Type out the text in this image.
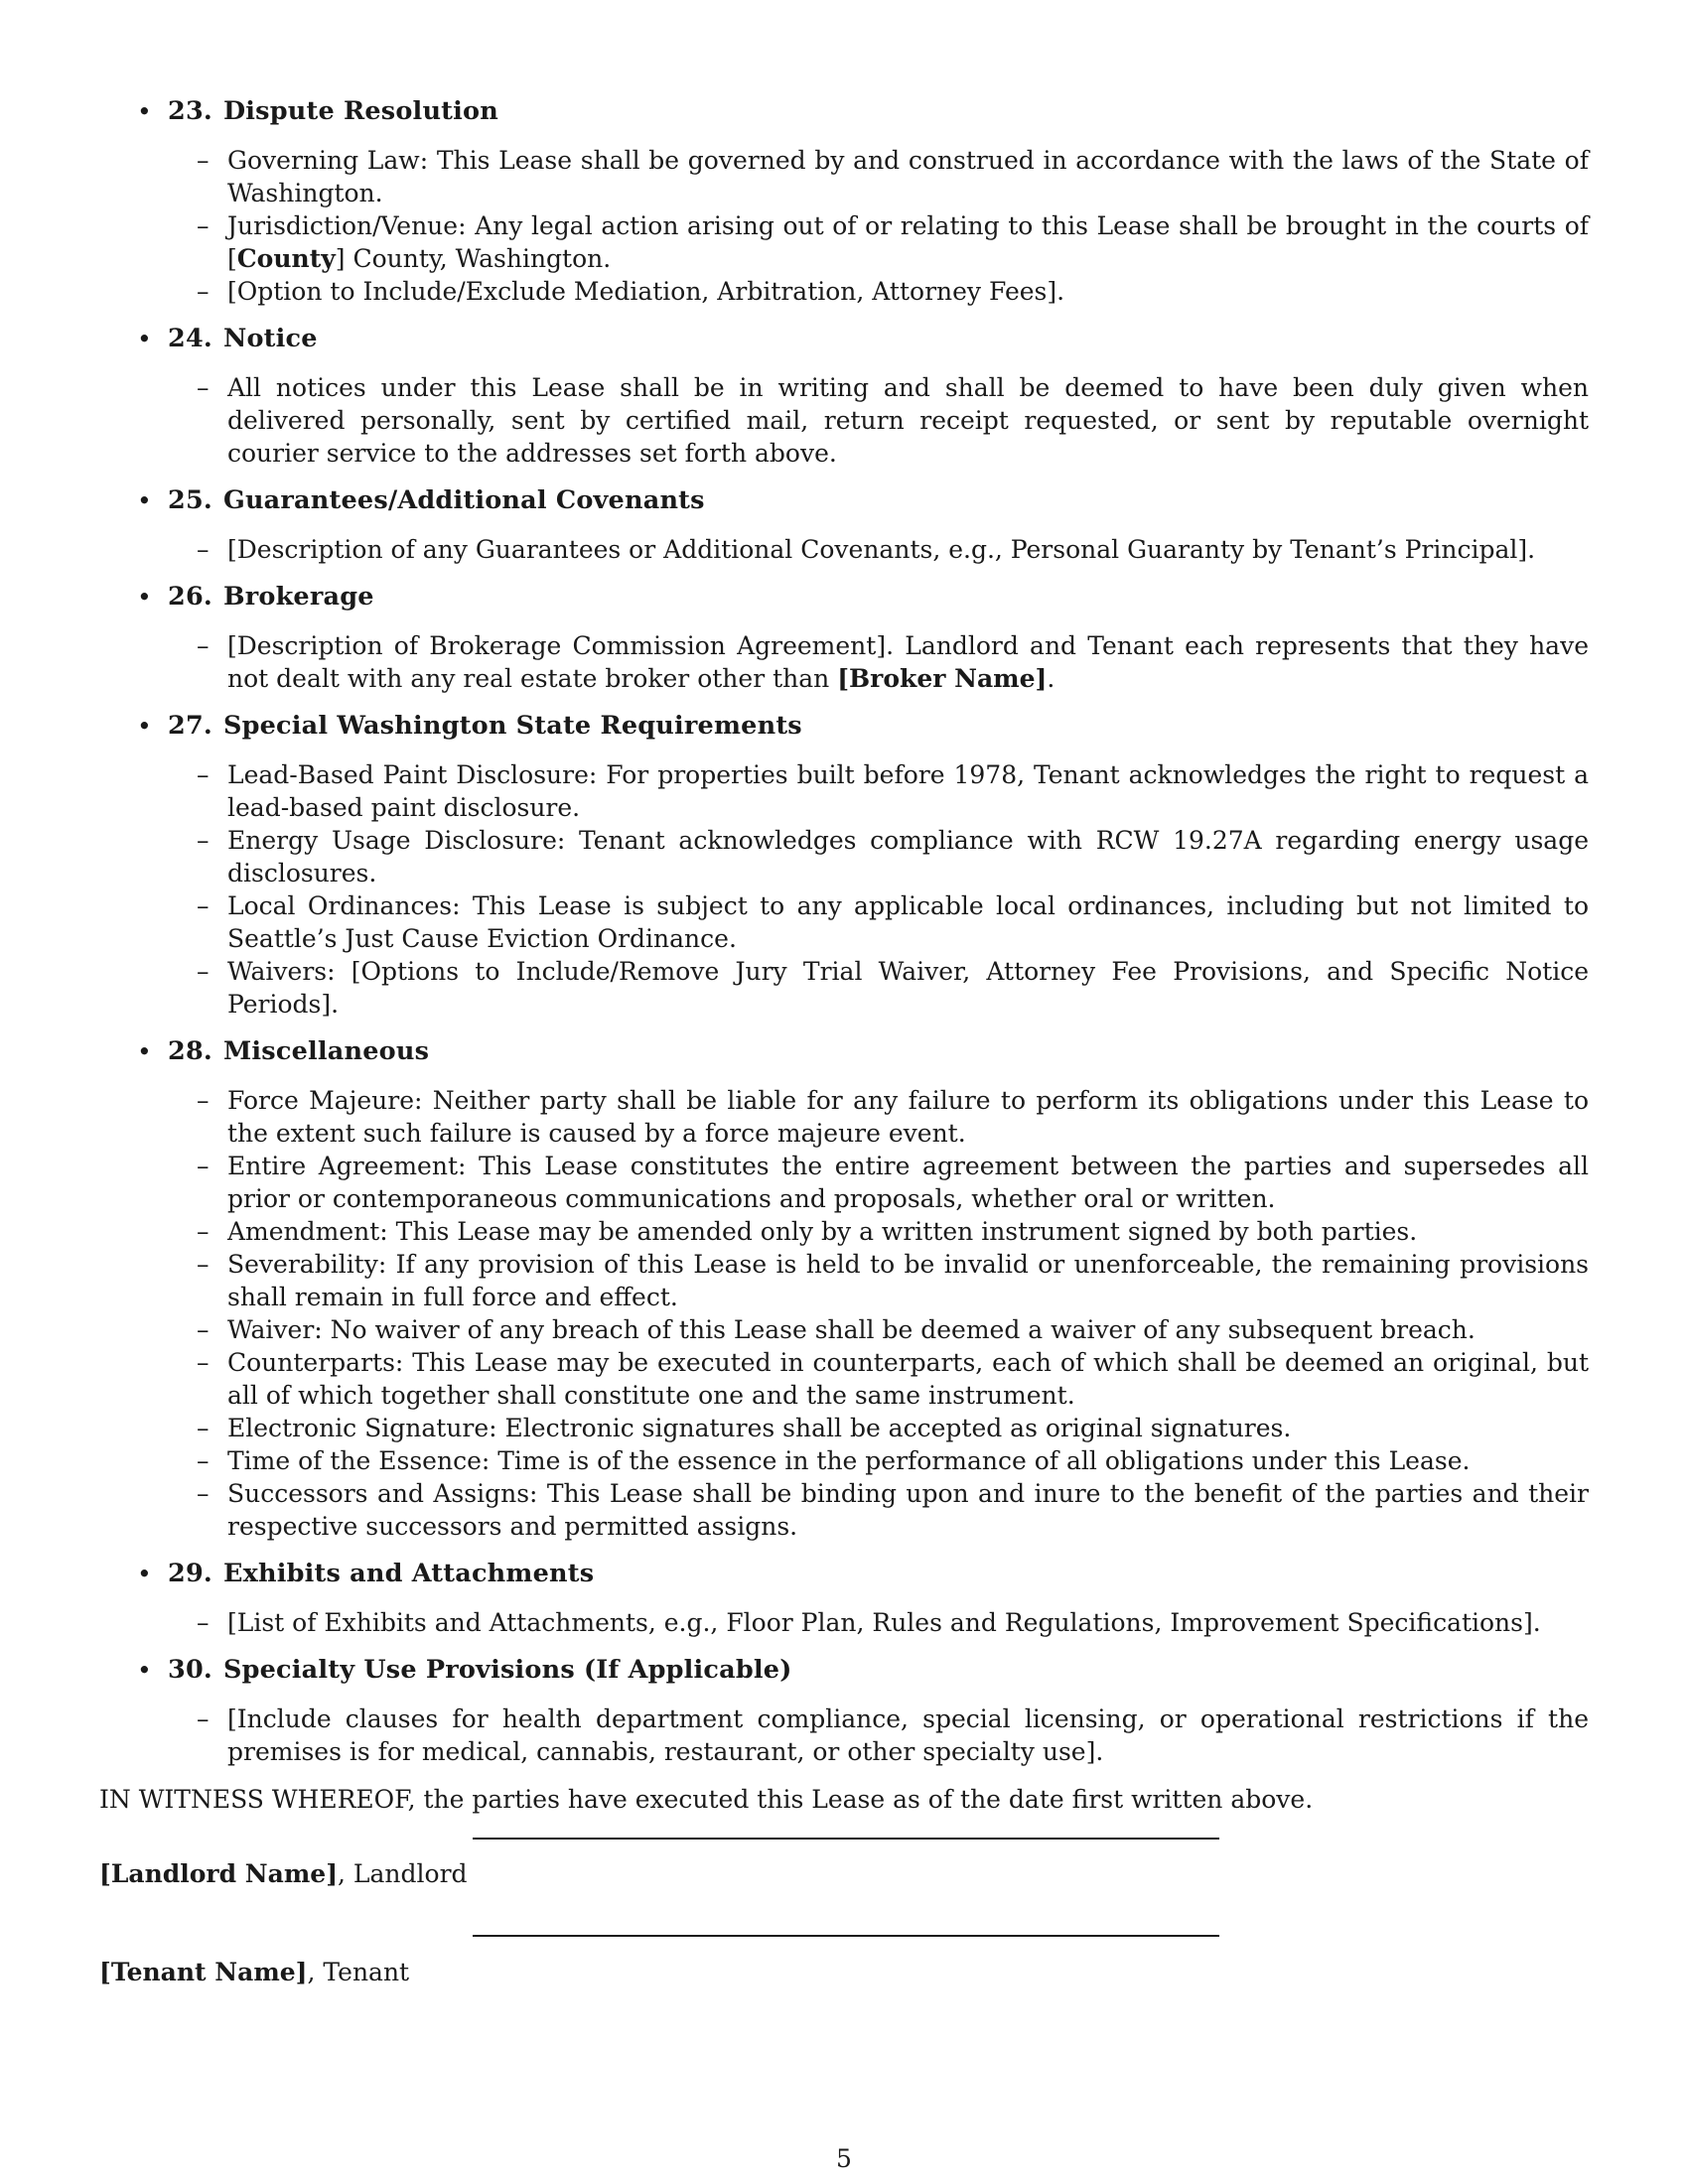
• 23. Dispute Resolution
– Governing Law: This Lease shall be governed by and construed in accordance with the laws of the State of Washington.
– Jurisdiction/Venue: Any legal action arising out of or relating to this Lease shall be brought in the courts of [County] County, Washington.
– [Option to Include/Exclude Mediation, Arbitration, Attorney Fees].
• 24. Notice
– All notices under this Lease shall be in writing and shall be deemed to have been duly given when delivered personally, sent by certified mail, return receipt requested, or sent by reputable overnight courier service to the addresses set forth above.
• 25. Guarantees/Additional Covenants
– [Description of any Guarantees or Additional Covenants, e.g., Personal Guaranty by Tenant’s Principal].
• 26. Brokerage
– [Description of Brokerage Commission Agreement]. Landlord and Tenant each represents that they have not dealt with any real estate broker other than [Broker Name].
• 27. Special Washington State Requirements
– Lead-Based Paint Disclosure: For properties built before 1978, Tenant acknowledges the right to request a lead-based paint disclosure.
– Energy Usage Disclosure: Tenant acknowledges compliance with RCW 19.27A regarding energy usage disclosures.
– Local Ordinances: This Lease is subject to any applicable local ordinances, including but not limited to Seattle’s Just Cause Eviction Ordinance.
– Waivers: [Options to Include/Remove Jury Trial Waiver, Attorney Fee Provisions, and Specific Notice Periods].
• 28. Miscellaneous
– Force Majeure: Neither party shall be liable for any failure to perform its obligations under this Lease to the extent such failure is caused by a force majeure event.
– Entire Agreement: This Lease constitutes the entire agreement between the parties and supersedes all prior or contemporaneous communications and proposals, whether oral or written.
– Amendment: This Lease may be amended only by a written instrument signed by both parties.
– Severability: If any provision of this Lease is held to be invalid or unenforceable, the remaining provisions shall remain in full force and effect.
– Waiver: No waiver of any breach of this Lease shall be deemed a waiver of any subsequent breach.
– Counterparts: This Lease may be executed in counterparts, each of which shall be deemed an original, but all of which together shall constitute one and the same instrument.
– Electronic Signature: Electronic signatures shall be accepted as original signatures.
– Time of the Essence: Time is of the essence in the performance of all obligations under this Lease.
– Successors and Assigns: This Lease shall be binding upon and inure to the benefit of the parties and their respective successors and permitted assigns.
• 29. Exhibits and Attachments
– [List of Exhibits and Attachments, e.g., Floor Plan, Rules and Regulations, Improvement Specifications].
• 30. Specialty Use Provisions (If Applicable)
– [Include clauses for health department compliance, special licensing, or operational restrictions if the premises is for medical, cannabis, restaurant, or other specialty use].
IN WITNESS WHEREOF, the parties have executed this Lease as of the date first written above.
[Landlord Name], Landlord
[Tenant Name], Tenant
5
